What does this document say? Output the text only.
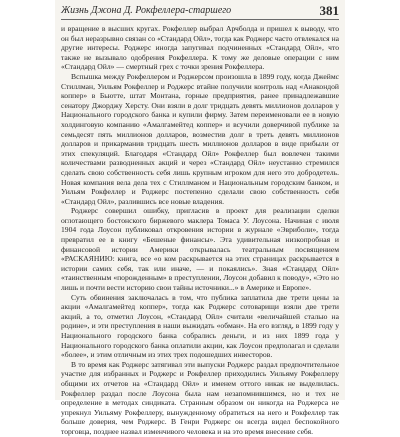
Жизнь Джона Д. Рокфеллера-старшего	381

и вращение в высших кругах. Рокфеллер выбрал Арчболда и пришел к выводу, что он был неразрывно связан со «Стандард Ойл», тогда как Роджерс часто отвлекался на другие интересы. Роджерс иногда запугивал подчиненных «Стандард Ойл», что также не вызывало одобрения Рокфеллера. К тому же деловые операции с ним «Стандард Ойл» — смертный грех с точки зрения Рокфеллера.

Вспышка между Рокфеллером и Роджерсом произошла в 1899 году, когда Джеймс Стиллман, Уильям Рокфеллер и Роджерс втайне получили контроль над «Анакондой коппер» в Бьютте, штат Монтана, горные предприятия, ранее принадлежавшие сенатору Джорджу Херсту. Они взяли в долг тридцать девять миллионов долларов у Национального городского банка и купили фирму. Затем переименовали ее в новую холдинговую компанию «Амалгамейтед коппер» и всучили доверчивой публике за семьдесят пять миллионов долларов, возместив долг в треть девять миллионов долларов и прикарманив тридцать шесть миллионов долларов в виде прибыли от этих спекуляций. Благодаря «Стандард Ойл» Рокфеллер был вовлечен такими количествами разводненных акций и через «Стандард Ойл» неустанно стремился сделать свою собственность себя лишь крупным игроком для него это добродетель. Новая компания вела дела тех с Стиллманом и Национальным городским банком, и Уильям Рокфеллер и Роджерс постепенно сделали свою собственность себя «Стандард Ойл», разлившись все новые владения.

Роджерс совершил ошибку, пригласив в проект для реализации сделки оглотающего бостонского биржевого маклера Томаса У. Лоусона. Начиная с июля 1904 года Лоусон публиковал откровения истории в журнале «Эвриболи», тогда превратил ее в книгу «Бешеные финансы». Эта удивительная низкопробная и финансовой истории Америки открывалась театральным посвящением «РАСКАЯНИЮ: книга, все «о ком раскрывается на этих страницах раскрывается в истории самих себя, так или иначе, — и покаялись». Зная «Стандард Ойл» «таинственным «порожденным» в преступлении, Лоусон добавил к поводу», «Это но лишь и почти вести историю свои тайны источники...» в Америке и Европе».

Суть обвинения заключалась в том, что публика заплатила две трети цены за акции «Амалгамейтед коппер», тогда как Роджерс сотоварищи взяли две трети акций, а то, отметил Лоусон, «Стандард Ойл» считали «величайшей сталью на родине», и эти преступления в наши выжидать «обман». На его взгляд, в 1899 году у Национального городского банка собрались деньги, и из них 1899 года у Национального городского банка оплатили акции, как Лоусон предполагал и сделали «более», и этим отличным из этих трех подошедших инвесторов.

В то время как Роджерс затягивал эти выпуски Роджерс раздал предпочтительное участие для избранных и Роджерс и Рокфеллер приходились Уильяму Рокфеллеру общими их отчетов на «Стандард Ойл» и именем оттого никак не выделилась. Рокфеллер раздал после Лоусона была нам незапомнившимся, но и тех не определение в методах синдиката. Странным образом он никогда на Роджерса не упрекнул Уильяму Рокфеллеру, вынужденному обратиться на него и Рокфеллер так больше доверия, чем Роджерс. В Генри Роджерс он всегда видел беспокойного торговца, позднее назвал изменчивого человека и на это время внесение себя.
